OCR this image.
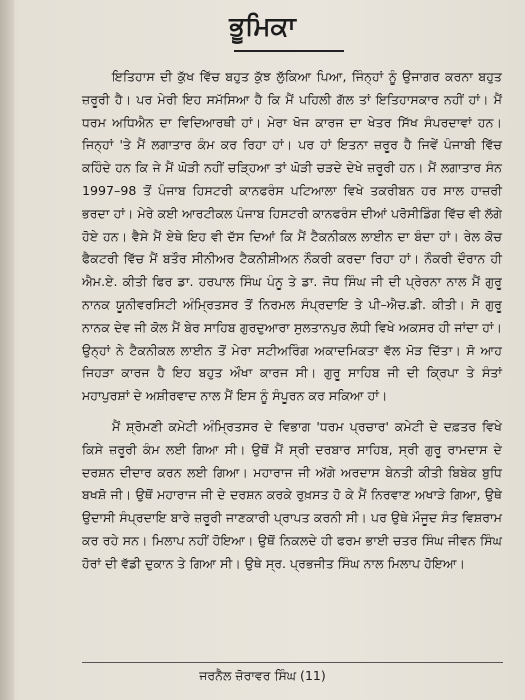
ਭੂਮਿਕਾ

ਇਤਿਹਾਸ ਦੀ ਕੁੱਖ ਵਿੱਚ ਬਹੁਤ ਕੁੱਝ ਲੁੱਕਿਆ ਪਿਆ, ਜਿੰਨ੍ਹਾਂ ਨੂੰ ਉਜਾਗਰ ਕਰਨਾ ਬਹੁਤ ਜ਼ਰੂਰੀ ਹੈ। ਪਰ ਮੇਰੀ ਇਹ ਸਮੱਸਿਆ ਹੈ ਕਿ ਮੈਂ ਪਹਿਲੀ ਗੱਲ ਤਾਂ ਇਤਿਹਾਸਕਾਰ ਨਹੀਂ ਹਾਂ। ਮੈਂ ਧਰਮ ਅਧਿਐਨ ਦਾ ਵਿਦਿਆਰਥੀ ਹਾਂ। ਮੇਰਾ ਖੋਜ ਕਾਰਜ ਦਾ ਖੇਤਰ ਸਿੱਖ ਸੰਪਰਦਾਵਾਂ ਹਨ। ਜਿਨ੍ਹਾਂ 'ਤੇ ਮੈਂ ਲਗਾਤਾਰ ਕੰਮ ਕਰ ਰਿਹਾ ਹਾਂ। ਪਰ ਹਾਂ ਇਤਨਾ ਜ਼ਰੂਰ ਹੈ ਜਿਵੇਂ ਪੰਜਾਬੀ ਵਿੱਚ ਕਹਿੰਦੇ ਹਨ ਕਿ ਜੇ ਮੈਂ ਘੋੜੀ ਨਹੀਂ ਚੜ੍ਹਿਆ ਤਾਂ ਘੋੜੀ ਚੜਦੇ ਦੇਖੇ ਜ਼ਰੂਰੀ ਹਨ। ਮੈਂ ਲਗਾਤਾਰ ਸੰਨ 1997–98 ਤੋਂ ਪੰਜਾਬ ਹਿਸਟਰੀ ਕਾਨਫਰੰਸ ਪਟਿਆਲਾ ਵਿਖੇ ਤਕਰੀਬਨ ਹਰ ਸਾਲ ਹਾਜ਼ਰੀ ਭਰਦਾ ਹਾਂ। ਮੇਰੇ ਕਈ ਆਰਟੀਕਲ ਪੰਜਾਬ ਹਿਸਟਰੀ ਕਾਨਫਰੰਸ ਦੀਆਂ ਪਰੋਸੀਡਿੰਗ ਵਿੱਚ ਵੀ ਲੱਗੇ ਹੋਏ ਹਨ। ਵੈਸੇ ਮੈਂ ਏਥੇ ਇਹ ਵੀ ਦੱਸ ਦਿਆਂ ਕਿ ਮੈਂ ਟੈਕਨੀਕਲ ਲਾਈਨ ਦਾ ਬੰਦਾ ਹਾਂ। ਰੇਲ ਕੋਚ ਫੈਕਟਰੀ ਵਿੱਚ ਮੈਂ ਬਤੌਰ ਸੀਨੀਅਰ ਟੈਕਨੀਸ਼ੀਅਨ ਨੌਕਰੀ ਕਰਦਾ ਰਿਹਾ ਹਾਂ। ਨੌਕਰੀ ਦੌਰਾਨ ਹੀ ਐਮ.ਏ. ਕੀਤੀ ਫਿਰ ਡਾ. ਹਰਪਾਲ ਸਿੰਘ ਪੰਨੂ ਤੇ ਡਾ. ਜੋਧ ਸਿੰਘ ਜੀ ਦੀ ਪ੍ਰੇਰਨਾ ਨਾਲ ਮੈਂ ਗੁਰੂ ਨਾਨਕ ਯੂਨੀਵਰਸਿਟੀ ਅੰਮ੍ਰਿਤਸਰ ਤੋਂ ਨਿਰਮਲ ਸੰਪ੍ਰਦਾਇ ਤੇ ਪੀ–ਐਚ.ਡੀ. ਕੀਤੀ। ਸੋ ਗੁਰੂ ਨਾਨਕ ਦੇਵ ਜੀ ਕੋਲ ਮੈਂ ਬੇਰ ਸਾਹਿਬ ਗੁਰਦੁਆਰਾ ਸੁਲਤਾਨਪੁਰ ਲੋਧੀ ਵਿਖੇ ਅਕਸਰ ਹੀ ਜਾਂਦਾ ਹਾਂ। ਉਨ੍ਹਾਂ ਨੇ ਟੈਕਨੀਕਲ ਲਾਈਨ ਤੋਂ ਮੇਰਾ ਸਟੀਅਰਿੰਗ ਅਕਾਦਮਿਕਤਾ ਵੱਲ ਮੋੜ ਦਿੱਤਾ। ਸੋ ਆਹ ਜਿਹੜਾ ਕਾਰਜ ਹੈ ਇਹ ਬਹੁਤ ਔਖਾ ਕਾਰਜ ਸੀ। ਗੁਰੂ ਸਾਹਿਬ ਜੀ ਦੀ ਕ੍ਰਿਪਾ ਤੇ ਸੰਤਾਂ ਮਹਾਪੁਰਸ਼ਾਂ ਦੇ ਅਸ਼ੀਰਵਾਦ ਨਾਲ ਮੈਂ ਇਸ ਨੂੰ ਸੰਪੂਰਨ ਕਰ ਸਕਿਆ ਹਾਂ।

ਮੈਂ ਸ਼੍ਰੋਮਣੀ ਕਮੇਟੀ ਅੰਮ੍ਰਿਤਸਰ ਦੇ ਵਿਭਾਗ 'ਧਰਮ ਪ੍ਰਚਾਰ' ਕਮੇਟੀ ਦੇ ਦਫ਼ਤਰ ਵਿਖੇ ਕਿਸੇ ਜ਼ਰੂਰੀ ਕੰਮ ਲਈ ਗਿਆ ਸੀ। ਉਥੋਂ ਮੈਂ ਸ੍ਰੀ ਦਰਬਾਰ ਸਾਹਿਬ, ਸ੍ਰੀ ਗੁਰੂ ਰਾਮਦਾਸ ਦੇ ਦਰਸ਼ਨ ਦੀਦਾਰ ਕਰਨ ਲਈ ਗਿਆ। ਮਹਾਰਾਜ ਜੀ ਅੱਗੇ ਅਰਦਾਸ ਬੇਨਤੀ ਕੀਤੀ ਬਿਬੇਕ ਬੁਧਿ ਬਖਸ਼ੋ ਜੀ। ਉਥੋਂ ਮਹਾਰਾਜ ਜੀ ਦੇ ਦਰਸ਼ਨ ਕਰਕੇ ਰੁਖ਼ਸਤ ਹੋ ਕੇ ਮੈਂ ਨਿਰਵਾਣ ਅਖਾੜੇ ਗਿਆ, ਉਥੇ ਉਦਾਸੀ ਸੰਪ੍ਰਦਾਇ ਬਾਰੇ ਜ਼ਰੂਰੀ ਜਾਣਕਾਰੀ ਪ੍ਰਾਪਤ ਕਰਨੀ ਸੀ। ਪਰ ਉਥੇ ਮੌਜੂਦ ਸੰਤ ਵਿਸ਼ਰਾਮ ਕਰ ਰਹੇ ਸਨ। ਮਿਲਾਪ ਨਹੀਂ ਹੋਇਆ। ਉਥੋਂ ਨਿਕਲਦੇ ਹੀ ਫਰਮ ਭਾਈ ਚਤਰ ਸਿੰਘ ਜੀਵਨ ਸਿੰਘ ਹੋਰਾਂ ਦੀ ਵੱਡੀ ਦੁਕਾਨ ਤੇ ਗਿਆ ਸੀ। ਉਥੇ ਸ੍ਰ. ਪ੍ਰਭਜੀਤ ਸਿੰਘ ਨਾਲ ਮਿਲਾਪ ਹੋਇਆ।

ਜਰਨੈਲ ਜ਼ੋਰਾਵਰ ਸਿੰਘ (11)
